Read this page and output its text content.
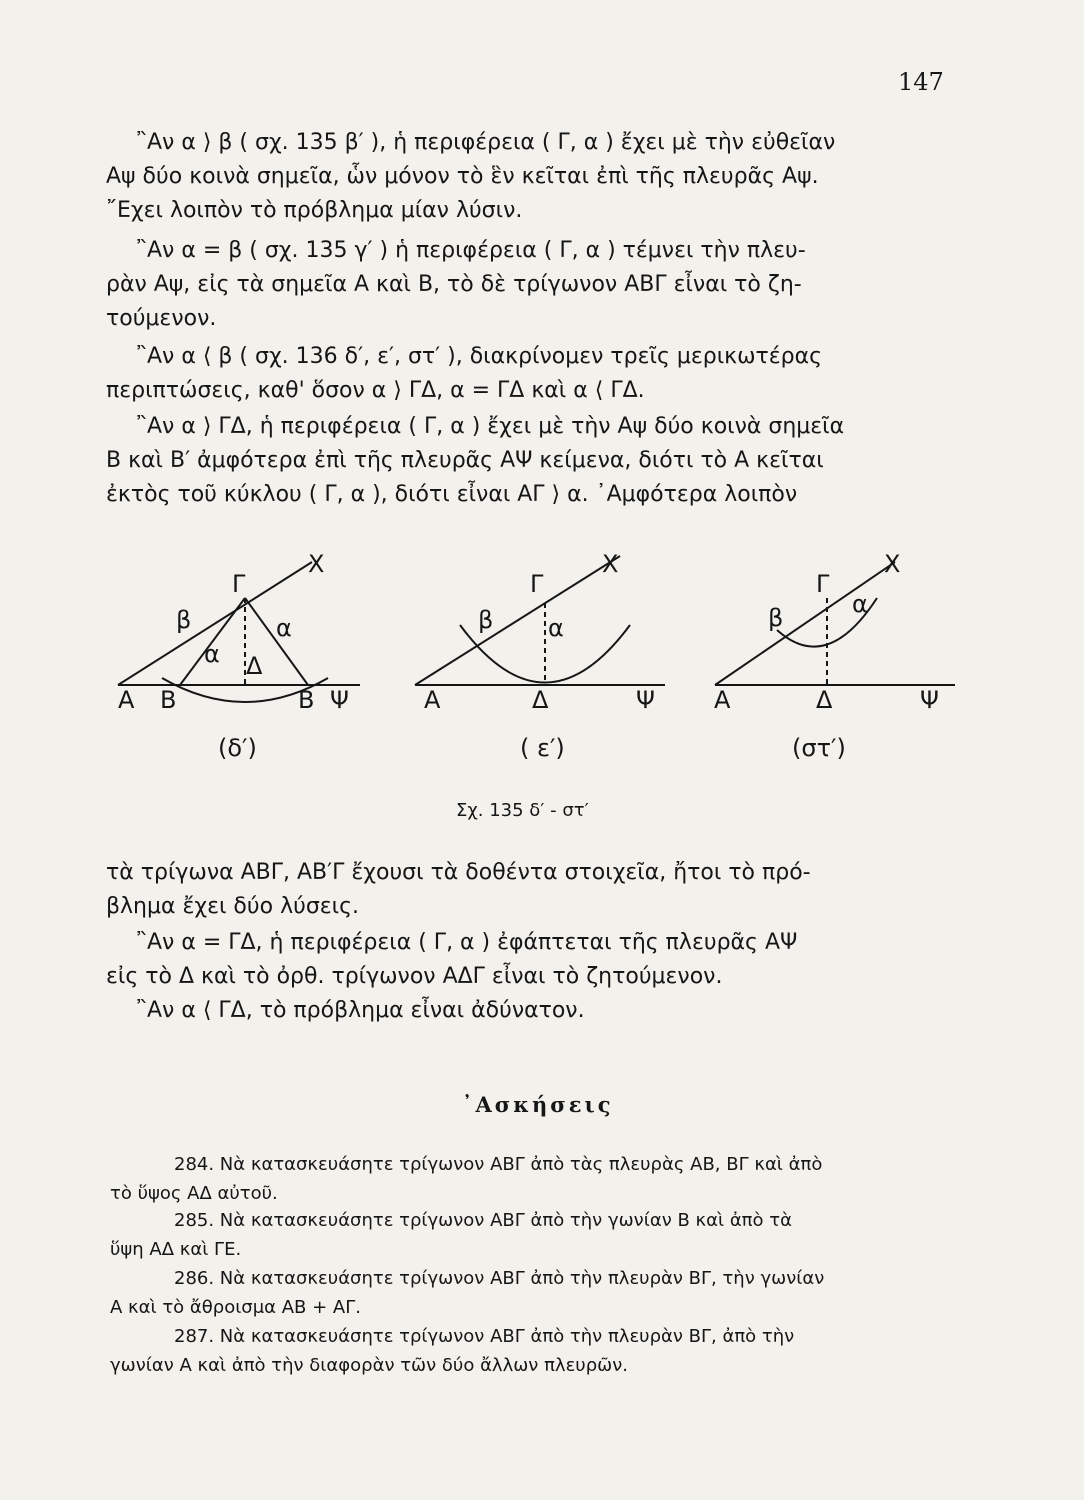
147
῍Αν α ⟩ β ( σχ. 135 β′ ), ἡ περιφέρεια ( Γ, α ) ἔχει μὲ τὴν εὐθεῖαν
Αψ δύο κοινὰ σημεῖα, ὧν μόνον τὸ ἓν κεῖται ἐπὶ τῆς πλευρᾶς Αψ.
῎Εχει λοιπὸν τὸ πρόβλημα μίαν λύσιν.
῍Αν α = β ( σχ. 135 γ′ ) ἡ περιφέρεια ( Γ, α ) τέμνει τὴν πλευ-
ρὰν Αψ, εἰς τὰ σημεῖα Α καὶ Β, τὸ δὲ τρίγωνον ΑΒΓ εἶναι τὸ ζη-
τούμενον.
῍Αν α ⟨ β ( σχ. 136 δ′, ε′, στ′ ), διακρίνομεν τρεῖς μερικωτέρας
περιπτώσεις, καθ' ὅσον α ⟩ ΓΔ, α = ΓΔ καὶ α ⟨ ΓΔ.
῍Αν α ⟩ ΓΔ, ἡ περιφέρεια ( Γ, α ) ἔχει μὲ τὴν Αψ δύο κοινὰ σημεῖα
Β καὶ Β′ ἀμφότερα ἐπὶ τῆς πλευρᾶς ΑΨ κείμενα, διότι τὸ Α κεῖται
ἐκτὸς τοῦ κύκλου ( Γ, α ), διότι εἶναι ΑΓ ⟩ α. ᾿Αμφότερα λοιπὸν
Χ
Γ
β	α
α Δ
Α Β	Β Ψ
(δ′)
Χ
Γ
β α
Α	Δ	Ψ
( ε′)
Χ
Γ
β	α
Α	Δ	Ψ
(στ′)
Σχ. 135 δ′ - στ′
τὰ τρίγωνα ΑΒΓ, ΑΒ′Γ ἔχουσι τὰ δοθέντα στοιχεῖα, ἤτοι τὸ πρό-
βλημα ἔχει δύο λύσεις.
῍Αν α = ΓΔ, ἡ περιφέρεια ( Γ, α ) ἐφάπτεται τῆς πλευρᾶς ΑΨ
εἰς τὸ Δ καὶ τὸ ὀρθ. τρίγωνον ΑΔΓ εἶναι τὸ ζητούμενον.
῍Αν α ⟨ ΓΔ, τὸ πρόβλημα εἶναι ἀδύνατον.
᾿Ασκήσεις
284. Νὰ κατασκευάσητε τρίγωνον ΑΒΓ ἀπὸ τὰς πλευρὰς ΑΒ, ΒΓ καὶ ἀπὸ
τὸ ὕψος ΑΔ αὐτοῦ.
285. Νὰ κατασκευάσητε τρίγωνον ΑΒΓ ἀπὸ τὴν γωνίαν Β καὶ ἀπὸ τὰ
ὕψη ΑΔ καὶ ΓΕ.
286. Νὰ κατασκευάσητε τρίγωνον ΑΒΓ ἀπὸ τὴν πλευρὰν ΒΓ, τὴν γωνίαν
Α καὶ τὸ ἄθροισμα ΑΒ + ΑΓ.
287. Νὰ κατασκευάσητε τρίγωνον ΑΒΓ ἀπὸ τὴν πλευρὰν ΒΓ, ἀπὸ τὴν
γωνίαν Α καὶ ἀπὸ τὴν διαφορὰν τῶν δύο ἄλλων πλευρῶν.
